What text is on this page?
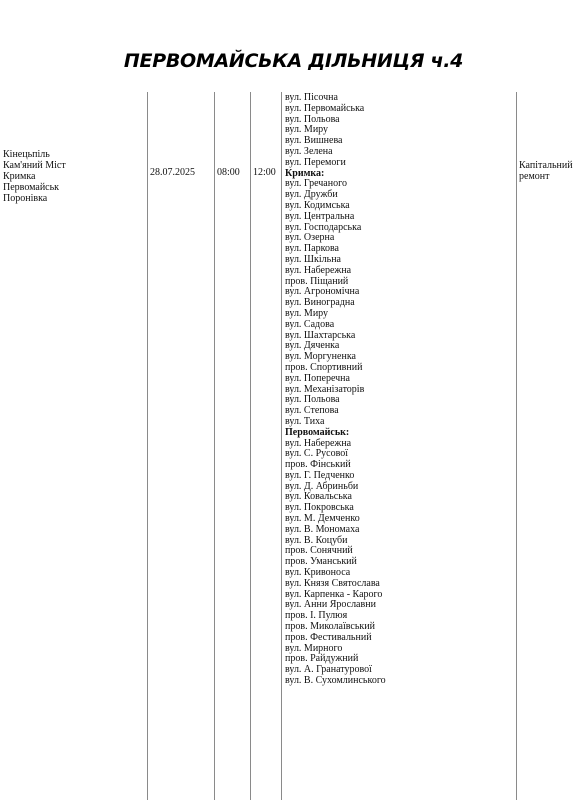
ПЕРВОМАЙСЬКА ДІЛЬНИЦЯ ч.4
Кінецьпіль
Кам'яний Міст
Кримка
Первомайськ
Поронівка
28.07.2025 08:00 12:00
вул. Пісочна
вул. Первомайська
вул. Польова
вул. Миру
вул. Вишнева
вул. Зелена
вул. Перемоги
Кримка:
вул. Гречаного
вул. Дружби
вул. Кодимська
вул. Центральна
вул. Господарська
вул. Озерна
вул. Паркова
вул. Шкільна
вул. Набережна
пров. Піщаний
вул. Агрономічна
вул. Виноградна
вул. Миру
вул. Садова
вул. Шахтарська
вул. Дяченка
вул. Моргуненка
пров. Спортивний
вул. Поперечна
вул. Механізаторів
вул. Польова
вул. Степова
вул. Тиха
Первомайськ:
вул. Набережна
вул. С. Русової
пров. Фінський
вул. Г. Педченко
вул. Д. Абриньби
вул. Ковальська
вул. Покровська
вул. М. Демченко
вул. В. Мономаха
вул. В. Коцуби
пров. Сонячний
пров. Уманський
вул. Кривоноса
вул. Князя Святослава
вул. Карпенка - Карого
вул. Анни Ярославни
пров. І. Пулюя
пров. Миколаївський
пров. Фестивальний
вул. Мирного
пров. Райдужний
вул. А. Гранатурової
вул. В. Сухомлинського
Капітальний
ремонт
